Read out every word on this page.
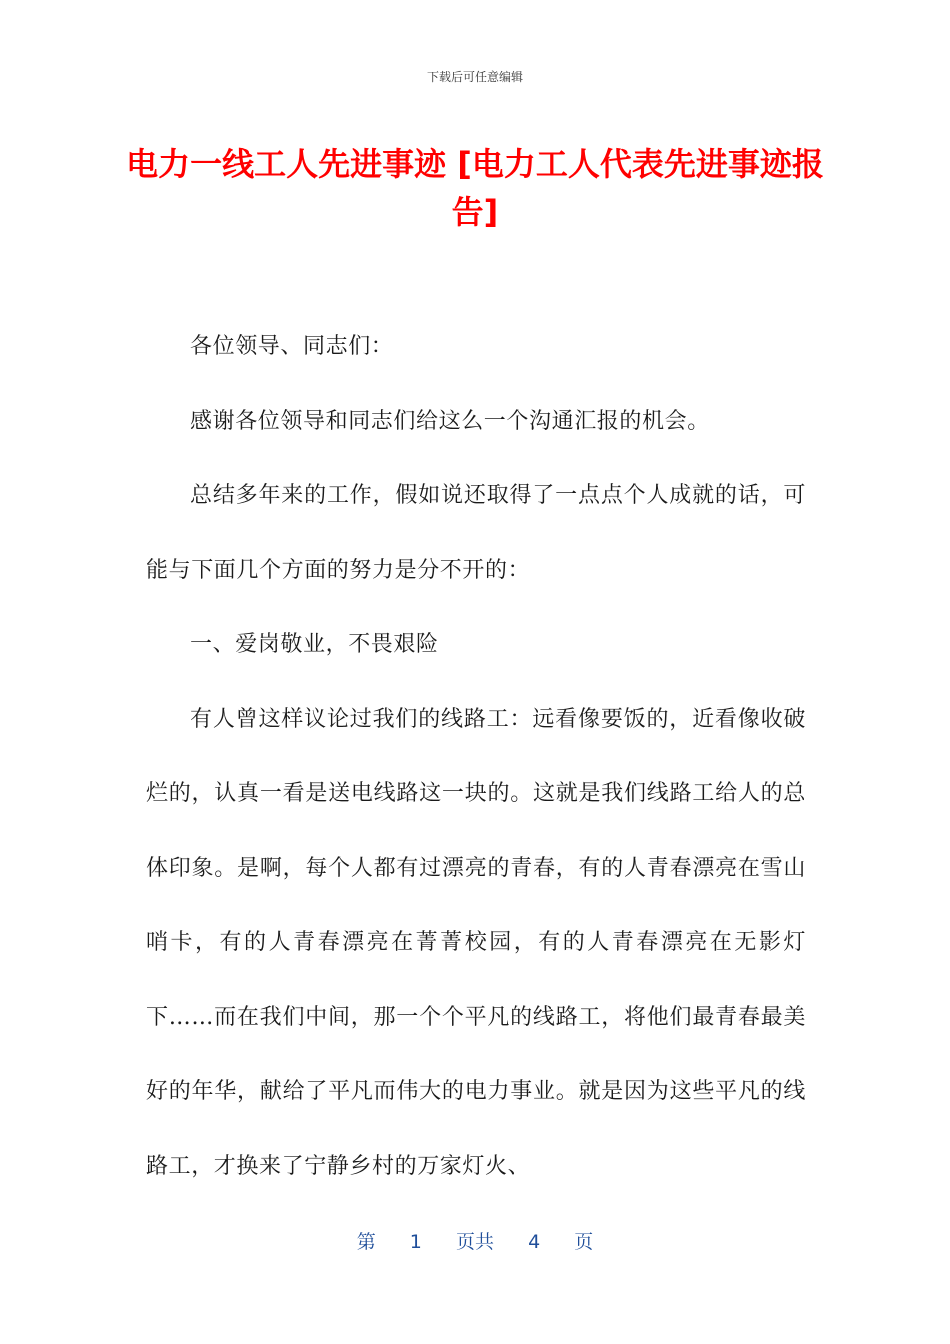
下载后可任意编辑
电力一线工人先进事迹 [电力工人代表先进事迹报告]

各位领导、同志们：

感谢各位领导和同志们给这么一个沟通汇报的机会。

总结多年来的工作，假如说还取得了一点点个人成就的话，可能与下面几个方面的努力是分不开的：

一、爱岗敬业，不畏艰险

有人曾这样议论过我们的线路工：远看像要饭的，近看像收破烂的，认真一看是送电线路这一块的。这就是我们线路工给人的总体印象。是啊，每个人都有过漂亮的青春，有的人青春漂亮在雪山哨卡，有的人青春漂亮在菁菁校园，有的人青春漂亮在无影灯下……而在我们中间，那一个个平凡的线路工，将他们最青春最美好的年华，献给了平凡而伟大的电力事业。就是因为这些平凡的线路工，才换来了宁静乡村的万家灯火、

第 1 页共 4 页
